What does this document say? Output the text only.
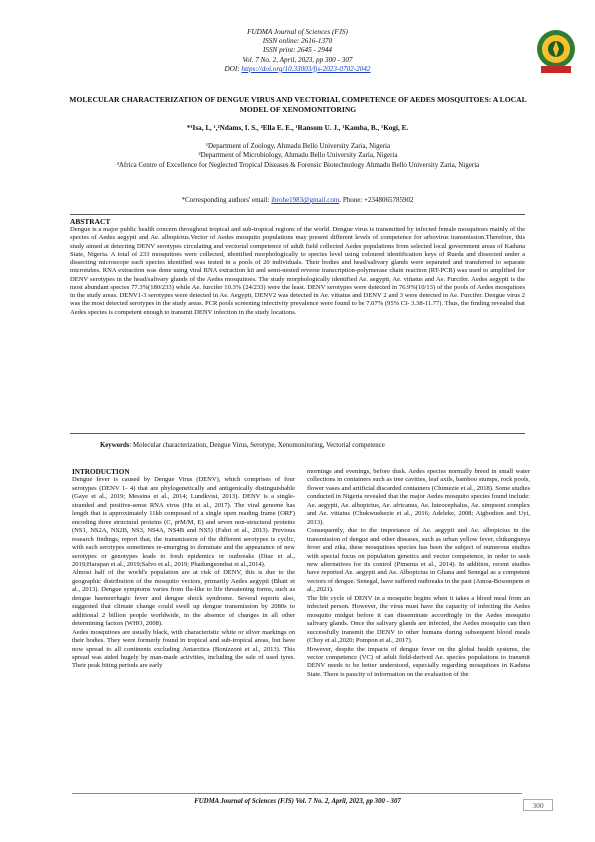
FUDMA Journal of Sciences (FJS)
ISSN online: 2616-1370
ISSN print: 2645 - 2944
Vol. 7 No. 2, April, 2023, pp 300 - 307
DOI: https://doi.org/10.33003/fjs-2023-0702-2042
MOLECULAR CHARACTERIZATION OF DENGUE VIRUS AND VECTORIAL COMPETENCE OF AEDES MOSQUITOES: A LOCAL MODEL OF XENOMONITORING
*¹Isa, I., ¹,²Ndams, I. S., ²Ella E. E., ¹Ransom U. J., ¹Kamba, B., ¹Kogi, E.
¹Department of Zoology, Ahmadu Bello University Zaria, Nigeria
²Department of Microbiology, Ahmadu Bello University Zaria, Nigeria
³Africa Centre of Excellence for Neglected Tropical Diseases & Forensic Biotechnology Ahmadu Bello University Zaria, Nigeria
*Corresponding authors' email: ibrohe1983@gmail.com. Phone: +2348065785902
ABSTRACT
Dengue is a major public health concern throughout tropical and sub-tropical regions of the world. Dengue virus is transmitted by infected female mosquitoes mainly of the species of Aedes aegypti and Ae. albopictus.Vector of Aedes mosquito populations may present different levels of competence for arbovirus transmission.Therefore, this study aimed at detecting DENV serotypes circulating and vectorial competence of adult field collected Aedes populations from selected local government areas of Kaduna State, Nigeria. A total of 233 mosquitoes were collected, identified morphologically to species level using coloured identification keys of Rueda and dissected under a dissecting microscope each species identified was tested in a pools of 20 individuals. Their bodies and head/salivary glands were separated and transferred to separate microtubes. RNA extraction was done using viral RNA extraction kit and semi-nested reverse transcription-polymerase chain reaction (RT-PCR) was used to amplified for DENV serotypes in the head/salivary glands of the Aedes mosquitoes. The study morphologically identified Ae. aegypti, Ae. vittatus and Ae. Furcifer. Aedes aegypti is the most abundant species 77.3%(180/233) while Ae. furcifer 10.3% (24/233) were the least. DENV serotypes were detected in 76.9%(10/13) of the pools of Aedes mosquitoes in the study areas. DENV1-3 serotypes were detected in Ae. Aegypti, DENV2 was detected in Ae. vittatus and DENV 2 and 3 were detected in Ae. Furcifer. Dengue virus 2 was the most detected serotypes in the study areas. PCR pools screening infectivity prevalence were found to be 7.07% (95% CI- 3.38-11.77). Thus, the finding revealed that Aedes species is competent enough to transmit DENV infection in the study locations.
Keywords: Molecular characterization, Dengue Virus, Serotype, Xenomonitoring, Vectorial competence
INTRODUCTION

Dengue fever is caused by Dengue Virus (DENV), which comprises of four serotypes (DENV 1- 4) that are phylogenetically and antigenically distinguishable (Gaye et al., 2019; Messina et al., 2014; Lundkvist, 2013). DENV is a single-stranded and positive-sense RNA virus (Hu et al., 2017). The viral genome has length that is approximately 11kb composed of a single open reading frame (ORF) encoding three structural proteins (C, prM/M, E) and seven non-structural proteins (NS1, NS2A, NS2B, NS3, NS4A, NS4B and NS5) (Fahri et al., 2013). Previous research findings, report that, the transmission of the different serotypes is cyclic, with each serotypes sometimes re-emerging to dominate and the appearance of new serotypes or genotypes leads to fresh epidemics or outbreaks (Diaz et al., 2019;Harapan et al., 2019;Salvo et al., 2019; Phadungsombat et al.,2014).

Almost half of the world's population are at risk of DENV, this is due to the geographic distribution of the mosquito vectors, primarily Aedes aegypti (Bhatt et al., 2013). Dengue symptoms varies from flu-like to life threatening forms, such as dengue haemorrhagic fever and dengue shock syndrome. Several reports also, suggested that climate change could swell up dengue transmission by 2080s to additional 2 billion people worldwide, in the absence of changes in all other determining factors (WHO, 2008).

Aedes mosquitoes are usually black, with characteristic white or silver markings on their bodies. They were formerly found in tropical and sub-tropical areas, but have now spread to all continents excluding Antarctica (Bonizzoni et al., 2013). This spread was aided hugely by man-made activities, including the sale of used tyres. Their peak biting periods are early

mornings and evenings, before dusk. Aedes species normally breed in small water collections in containers such as tree cavities, leaf axils, bamboo stumps, rock pools, flower vases and artificial discarded containers (Chimezie et al., 2018). Some studies conducted in Nigeria revealed that the major Aedes mosquito species found include: Ae. aegypti, Ae. albopictus, Ae. africanus, Ae. luteocephalus, Ae. simpsoni complex and Ae. vittatus (Chukwuekezie et al., 2016; Adeleke, 2008; Aigbodion and Uyi, 2013).

Consequently, due to the importance of Ae. aegypti and Ae. albopictus in the transmission of dengue and other diseases, such as urban yellow fever, chikungunya fever and zika, these mosquitoes species has been the subject of numerous studies with special focus on population genetics and vector competence, in order to seek new alternatives for its control (Pimenta et al., 2014). In addition, recent studies have reported Ae. aegypti and Ae. Albopictus in Ghana and Senegal as a competent vectors of dengue. Senegal, have suffered outbreaks in the past (Amoa-Bosompem et al., 2021).

The life cycle of DENV in a mosquito begins when it takes a blood meal from an infected person. However, the virus must have the capacity of infecting the Aedes mosquito midgut before it can disseminate accordingly in the Aedes mosquito salivary glands. Once the salivary glands are infected, the Aedes mosquito can then successfully transmit the DENV to other humans during subsequent blood meals (Choy et al.,2020; Pompon et al., 2017).

However, despite the impacts of dengue fever on the global health systems, the vector competence (VC) of adult field-derived Ae. species populations to transmit DENV needs to be better understood, especially regarding mosquitoes in Kaduna State. There is paucity of information on the evaluation of the

FUDMA Journal of Sciences (FJS) Vol. 7 No. 2, April, 2023, pp 300 - 307	300
